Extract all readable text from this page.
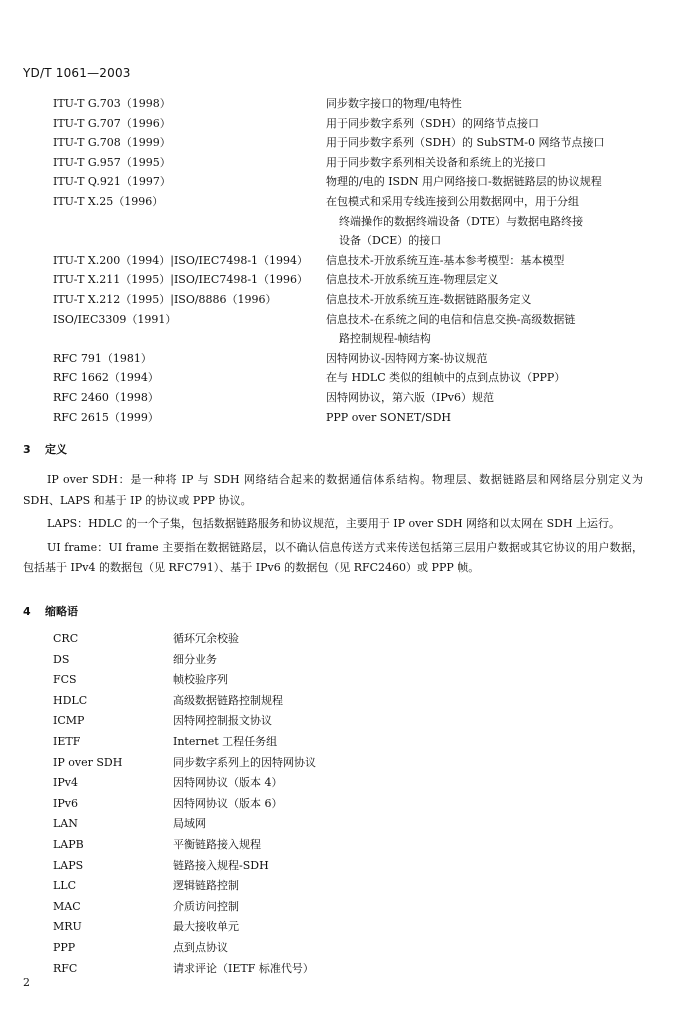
YD/T 1061—2003
ITU-T G.703（1998）	同步数字接口的物理/电特性
ITU-T G.707（1996）	用于同步数字系列（SDH）的网络节点接口
ITU-T G.708（1999）	用于同步数字系列（SDH）的 SubSTM-0 网络节点接口
ITU-T G.957（1995）	用于同步数字系列相关设备和系统上的光接口
ITU-T Q.921（1997）	物理的/电的 ISDN 用户网络接口-数据链路层的协议规程
ITU-T X.25（1996）	在包模式和采用专线连接到公用数据网中，用于分组
终端操作的数据终端设备（DTE）与数据电路终接
设备（DCE）的接口
ITU-T X.200（1994）|ISO/IEC7498-1（1994） 信息技术-开放系统互连-基本参考模型：基本模型
ITU-T X.211（1995）|ISO/IEC7498-1（1996） 信息技术-开放系统互连-物理层定义
ITU-T X.212（1995）|ISO/8886（1996）	信息技术-开放系统互连-数据链路服务定义
ISO/IEC3309（1991）	信息技术-在系统之间的电信和信息交换-高级数据链
路控制规程-帧结构
RFC 791（1981）	因特网协议-因特网方案-协议规范
RFC 1662（1994）	在与 HDLC 类似的组帧中的点到点协议（PPP）
RFC 2460（1998）	因特网协议，第六版（IPv6）规范
RFC 2615（1999）	PPP over SONET/SDH
3 定义

IP over SDH：是一种将 IP 与 SDH 网络结合起来的数据通信体系结构。物理层、数据链路层和网络层分别定义为 SDH、LAPS 和基于 IP 的协议或 PPP 协议。

LAPS：HDLC 的一个子集，包括数据链路服务和协议规范，主要用于 IP over SDH 网络和以太网在 SDH 上运行。

UI frame：UI frame 主要指在数据链路层，以不确认信息传送方式来传送包括第三层用户数据或其它协议的用户数据，包括基于 IPv4 的数据包（见 RFC791）、基于 IPv6 的数据包（见 RFC2460）或 PPP 帧。

4 缩略语
CRC	循环冗余校验
DS	细分业务
FCS	帧校验序列
HDLC	高级数据链路控制规程
ICMP	因特网控制报文协议
IETF	Internet 工程任务组
IP over SDH	同步数字系列上的因特网协议
IPv4	因特网协议（版本 4）
IPv6	因特网协议（版本 6）
LAN	局域网
LAPB	平衡链路接入规程
LAPS	链路接入规程-SDH
LLC	逻辑链路控制
MAC	介质访问控制
MRU	最大接收单元
PPP	点到点协议
RFC	请求评论（IETF 标准代号）
2
